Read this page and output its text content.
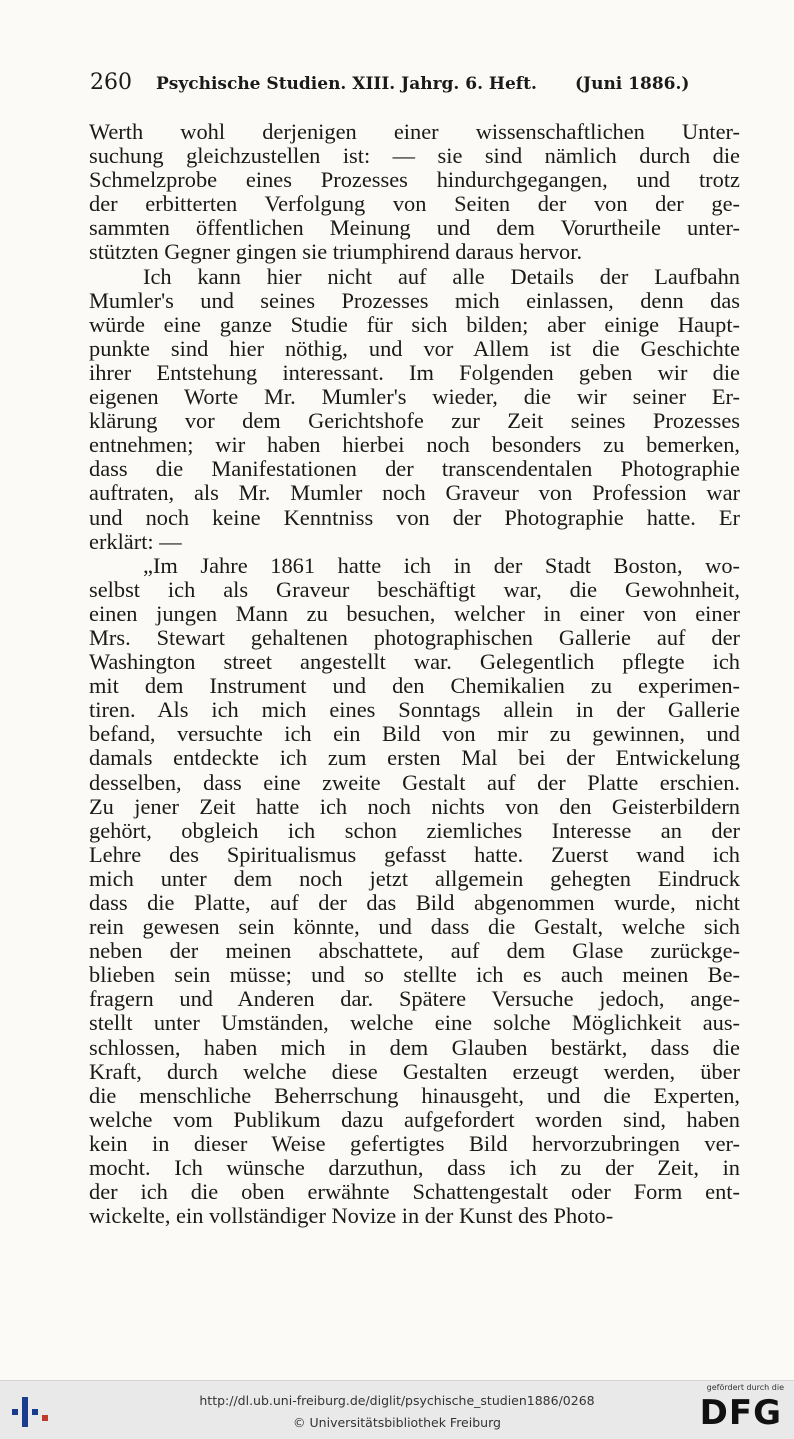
260 Psychische Studien. XIII. Jahrg. 6. Heft. (Juni 1886.)
Werth wohl derjenigen einer wissenschaftlichen Unter-
suchung gleichzustellen ist: — sie sind nämlich durch die
Schmelzprobe eines Prozesses hindurchgegangen, und trotz
der erbitterten Verfolgung von Seiten der von der ge-
sammten öffentlichen Meinung und dem Vorurtheile unter-
stützten Gegner gingen sie triumphirend daraus hervor.
Ich kann hier nicht auf alle Details der Laufbahn
Mumler's und seines Prozesses mich einlassen, denn das
würde eine ganze Studie für sich bilden; aber einige Haupt-
punkte sind hier nöthig, und vor Allem ist die Geschichte
ihrer Entstehung interessant. Im Folgenden geben wir die
eigenen Worte Mr. Mumler's wieder, die wir seiner Er-
klärung vor dem Gerichtshofe zur Zeit seines Prozesses
entnehmen; wir haben hierbei noch besonders zu bemerken,
dass die Manifestationen der transcendentalen Photographie
auftraten, als Mr. Mumler noch Graveur von Profession war
und noch keine Kenntniss von der Photographie hatte. Er
erklärt: —
„Im Jahre 1861 hatte ich in der Stadt Boston, wo-
selbst ich als Graveur beschäftigt war, die Gewohnheit,
einen jungen Mann zu besuchen, welcher in einer von einer
Mrs. Stewart gehaltenen photographischen Gallerie auf der
Washington street angestellt war. Gelegentlich pflegte ich
mit dem Instrument und den Chemikalien zu experimen-
tiren. Als ich mich eines Sonntags allein in der Gallerie
befand, versuchte ich ein Bild von mir zu gewinnen, und
damals entdeckte ich zum ersten Mal bei der Entwickelung
desselben, dass eine zweite Gestalt auf der Platte erschien.
Zu jener Zeit hatte ich noch nichts von den Geisterbildern
gehört, obgleich ich schon ziemliches Interesse an der
Lehre des Spiritualismus gefasst hatte. Zuerst wand ich
mich unter dem noch jetzt allgemein gehegten Eindruck
dass die Platte, auf der das Bild abgenommen wurde, nicht
rein gewesen sein könnte, und dass die Gestalt, welche sich
neben der meinen abschattete, auf dem Glase zurückge-
blieben sein müsse; und so stellte ich es auch meinen Be-
fragern und Anderen dar. Spätere Versuche jedoch, ange-
stellt unter Umständen, welche eine solche Möglichkeit aus-
schlossen, haben mich in dem Glauben bestärkt, dass die
Kraft, durch welche diese Gestalten erzeugt werden, über
die menschliche Beherrschung hinausgeht, und die Experten,
welche vom Publikum dazu aufgefordert worden sind, haben
kein in dieser Weise gefertigtes Bild hervorzubringen ver-
mocht. Ich wünsche darzuthun, dass ich zu der Zeit, in
der ich die oben erwähnte Schattengestalt oder Form ent-
wickelte, ein vollständiger Novize in der Kunst des Photo-
http://dl.ub.uni-freiburg.de/diglit/psychische_studien1886/0268
© Universitätsbibliothek Freiburg
gefördert durch die
DFG
